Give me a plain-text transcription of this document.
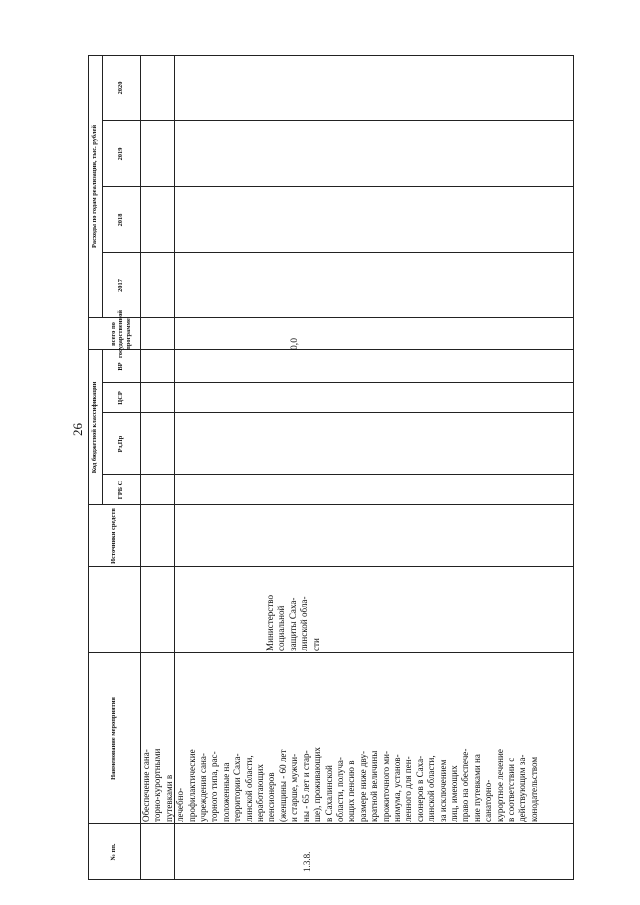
26
№ пп.
Наименование мероприятия
Источники средств
Код бюджетной классификации
ГРБ С
Рз,Пр
ЦСР
ВР
Расходы по годам реализации, тыс. рублей
всего по государственной программе
2017
2018
2019
2020
1.3.8.
Обеспечение сана- торно-курортными путевками в лечебно- профилактические учреждения сана- торного типа, рас- положенные на территории Саха- линской области, неработающих пенсионеров (женщины - 60 лет и старше, мужчи- ны - 65 лет и стар- ше), проживающих в Сахалинской области, получа- ющих пенсию в размере ниже дву- кратной величины прожиточного ми- нимума, установ- ленного для пен- сионеров в Саха- линской области, за исключением лиц, имеющих право на обеспече- ние путевками на санаторно- курортное лечение в соответствии с действующим за- конодательством
Министерство социальной защиты Саха- линской обла- сти
0,0
